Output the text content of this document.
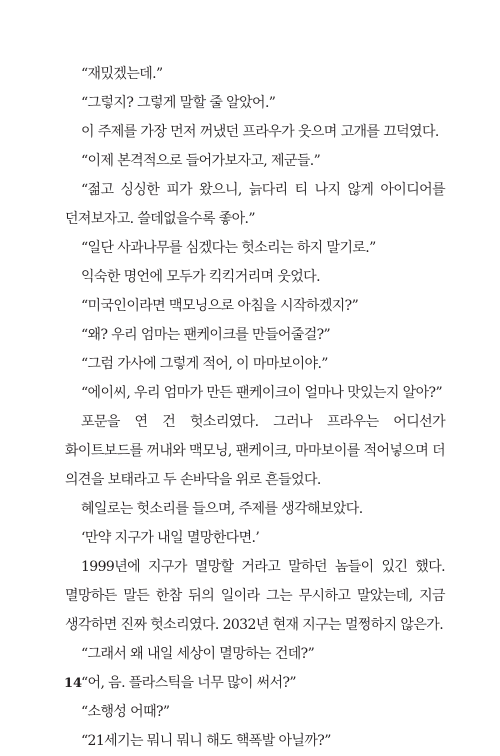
“재밌겠는데.”

“그렇지? 그렇게 말할 줄 알았어.”

이 주제를 가장 먼저 꺼냈던 프라우가 웃으며 고개를 끄덕였다.

“이제 본격적으로 들어가보자고, 제군들.”

“젊고 싱싱한 피가 왔으니, 늙다리 티 나지 않게 아이디어를 던져보자고. 쓸데없을수록 좋아.”

“일단 사과나무를 심겠다는 헛소리는 하지 말기로.”

익숙한 명언에 모두가 킥킥거리며 웃었다.

“미국인이라면 맥모닝으로 아침을 시작하겠지?”

“왜? 우리 엄마는 팬케이크를 만들어줄걸?”

“그럼 가사에 그렇게 적어, 이 마마보이야.”

“에이씨, 우리 엄마가 만든 팬케이크이 얼마나 맛있는지 알아?”

포문을 연 건 헛소리였다. 그러나 프라우는 어디선가 화이트보드를 꺼내와 맥모닝, 팬케이크, 마마보이를 적어넣으며 더 의견을 보태라고 두 손바닥을 위로 흔들었다.

혜일로는 헛소리를 들으며, 주제를 생각해보았다.

‘만약 지구가 내일 멸망한다면.’

1999년에 지구가 멸망할 거라고 말하던 놈들이 있긴 했다. 멸망하든 말든 한참 뒤의 일이라 그는 무시하고 말았는데, 지금 생각하면 진짜 헛소리였다. 2032년 현재 지구는 멀쩡하지 않은가.

“그래서 왜 내일 세상이 멸망하는 건데?”

“어, 음. 플라스틱을 너무 많이 써서?”

“소행성 어때?”

“21세기는 뭐니 뭐니 해도 핵폭발 아닐까?”

14
